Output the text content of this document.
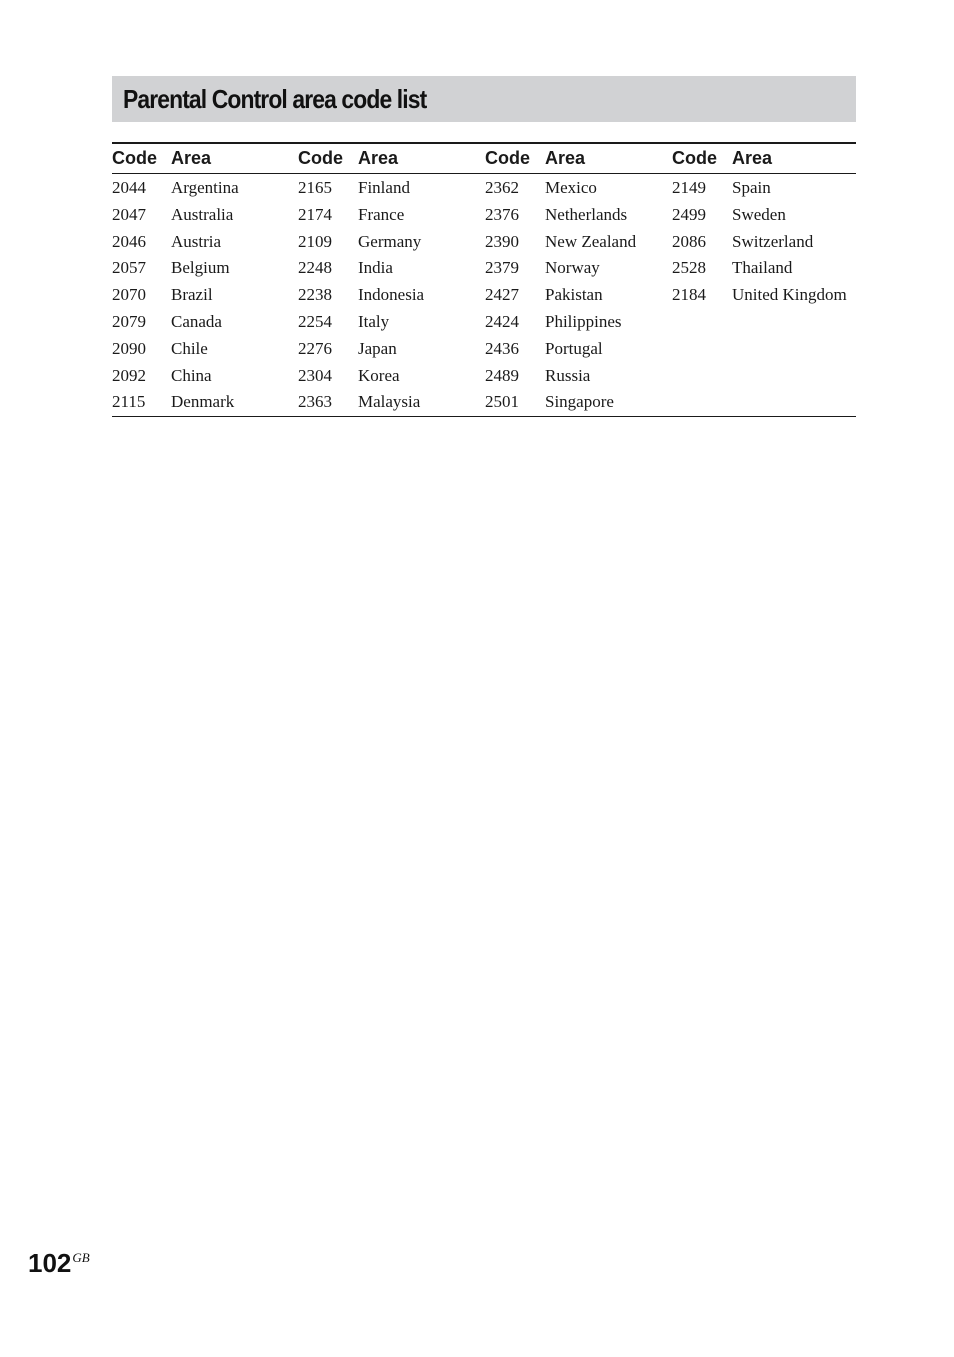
Parental Control area code list
Code	Area	Code	Area	Code	Area	Code	Area
2044	Argentina	2165	Finland	2362	Mexico	2149	Spain
2047	Australia	2174	France	2376	Netherlands	2499	Sweden
2046	Austria	2109	Germany	2390	New Zealand	2086	Switzerland
2057	Belgium	2248	India	2379	Norway	2528	Thailand
2070	Brazil	2238	Indonesia	2427	Pakistan	2184	United Kingdom
2079	Canada	2254	Italy	2424	Philippines		
2090	Chile	2276	Japan	2436	Portugal		
2092	China	2304	Korea	2489	Russia		
2115	Denmark	2363	Malaysia	2501	Singapore		
$102^{GB}$
